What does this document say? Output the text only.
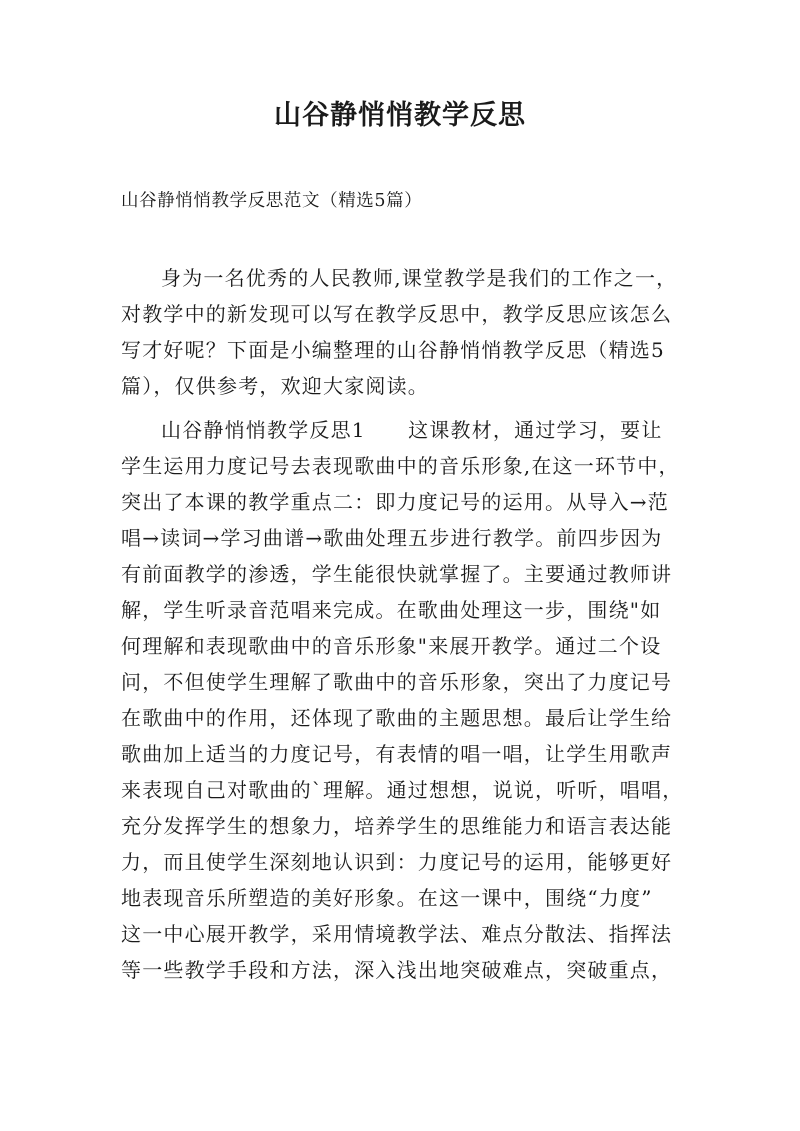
山谷静悄悄教学反思
山谷静悄悄教学反思范文（精选5篇）
身为一名优秀的人民教师,课堂教学是我们的工作之一，
对教学中的新发现可以写在教学反思中，教学反思应该怎么
写才好呢？下面是小编整理的山谷静悄悄教学反思（精选5
篇），仅供参考，欢迎大家阅读。
山谷静悄悄教学反思1　　这课教材，通过学习，要让
学生运用力度记号去表现歌曲中的音乐形象,在这一环节中，
突出了本课的教学重点二：即力度记号的运用。从导入→范
唱→读词→学习曲谱→歌曲处理五步进行教学。前四步因为
有前面教学的渗透，学生能很快就掌握了。主要通过教师讲
解，学生听录音范唱来完成。在歌曲处理这一步，围绕"如
何理解和表现歌曲中的音乐形象"来展开教学。通过二个设
问，不但使学生理解了歌曲中的音乐形象，突出了力度记号
在歌曲中的作用，还体现了歌曲的主题思想。最后让学生给
歌曲加上适当的力度记号，有表情的唱一唱，让学生用歌声
来表现自己对歌曲的`理解。通过想想，说说，听听，唱唱，
充分发挥学生的想象力，培养学生的思维能力和语言表达能
力，而且使学生深刻地认识到：力度记号的运用，能够更好
地表现音乐所塑造的美好形象。在这一课中，围绕“力度”
这一中心展开教学，采用情境教学法、难点分散法、指挥法
等一些教学手段和方法，深入浅出地突破难点，突破重点，
